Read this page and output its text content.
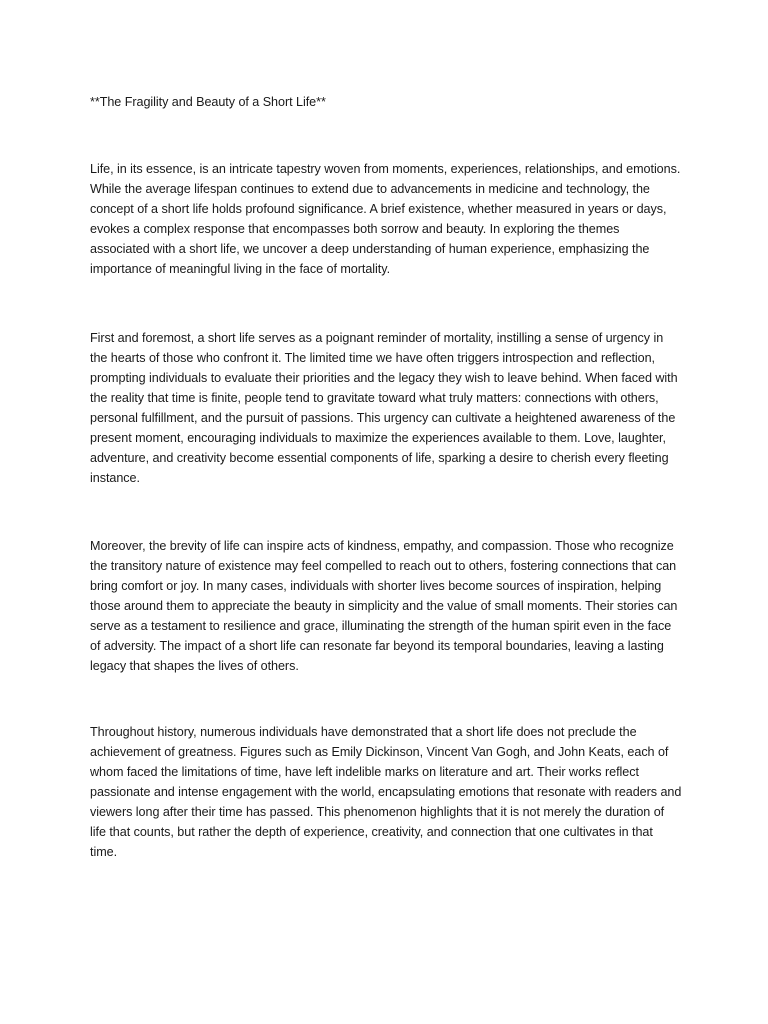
**The Fragility and Beauty of a Short Life**

Life, in its essence, is an intricate tapestry woven from moments, experiences, relationships, and emotions. While the average lifespan continues to extend due to advancements in medicine and technology, the concept of a short life holds profound significance. A brief existence, whether measured in years or days, evokes a complex response that encompasses both sorrow and beauty. In exploring the themes associated with a short life, we uncover a deep understanding of human experience, emphasizing the importance of meaningful living in the face of mortality.

First and foremost, a short life serves as a poignant reminder of mortality, instilling a sense of urgency in the hearts of those who confront it. The limited time we have often triggers introspection and reflection, prompting individuals to evaluate their priorities and the legacy they wish to leave behind. When faced with the reality that time is finite, people tend to gravitate toward what truly matters: connections with others, personal fulfillment, and the pursuit of passions. This urgency can cultivate a heightened awareness of the present moment, encouraging individuals to maximize the experiences available to them. Love, laughter, adventure, and creativity become essential components of life, sparking a desire to cherish every fleeting instance.

Moreover, the brevity of life can inspire acts of kindness, empathy, and compassion. Those who recognize the transitory nature of existence may feel compelled to reach out to others, fostering connections that can bring comfort or joy. In many cases, individuals with shorter lives become sources of inspiration, helping those around them to appreciate the beauty in simplicity and the value of small moments. Their stories can serve as a testament to resilience and grace, illuminating the strength of the human spirit even in the face of adversity. The impact of a short life can resonate far beyond its temporal boundaries, leaving a lasting legacy that shapes the lives of others.

Throughout history, numerous individuals have demonstrated that a short life does not preclude the achievement of greatness. Figures such as Emily Dickinson, Vincent Van Gogh, and John Keats, each of whom faced the limitations of time, have left indelible marks on literature and art. Their works reflect passionate and intense engagement with the world, encapsulating emotions that resonate with readers and viewers long after their time has passed. This phenomenon highlights that it is not merely the duration of life that counts, but rather the depth of experience, creativity, and connection that one cultivates in that time.
